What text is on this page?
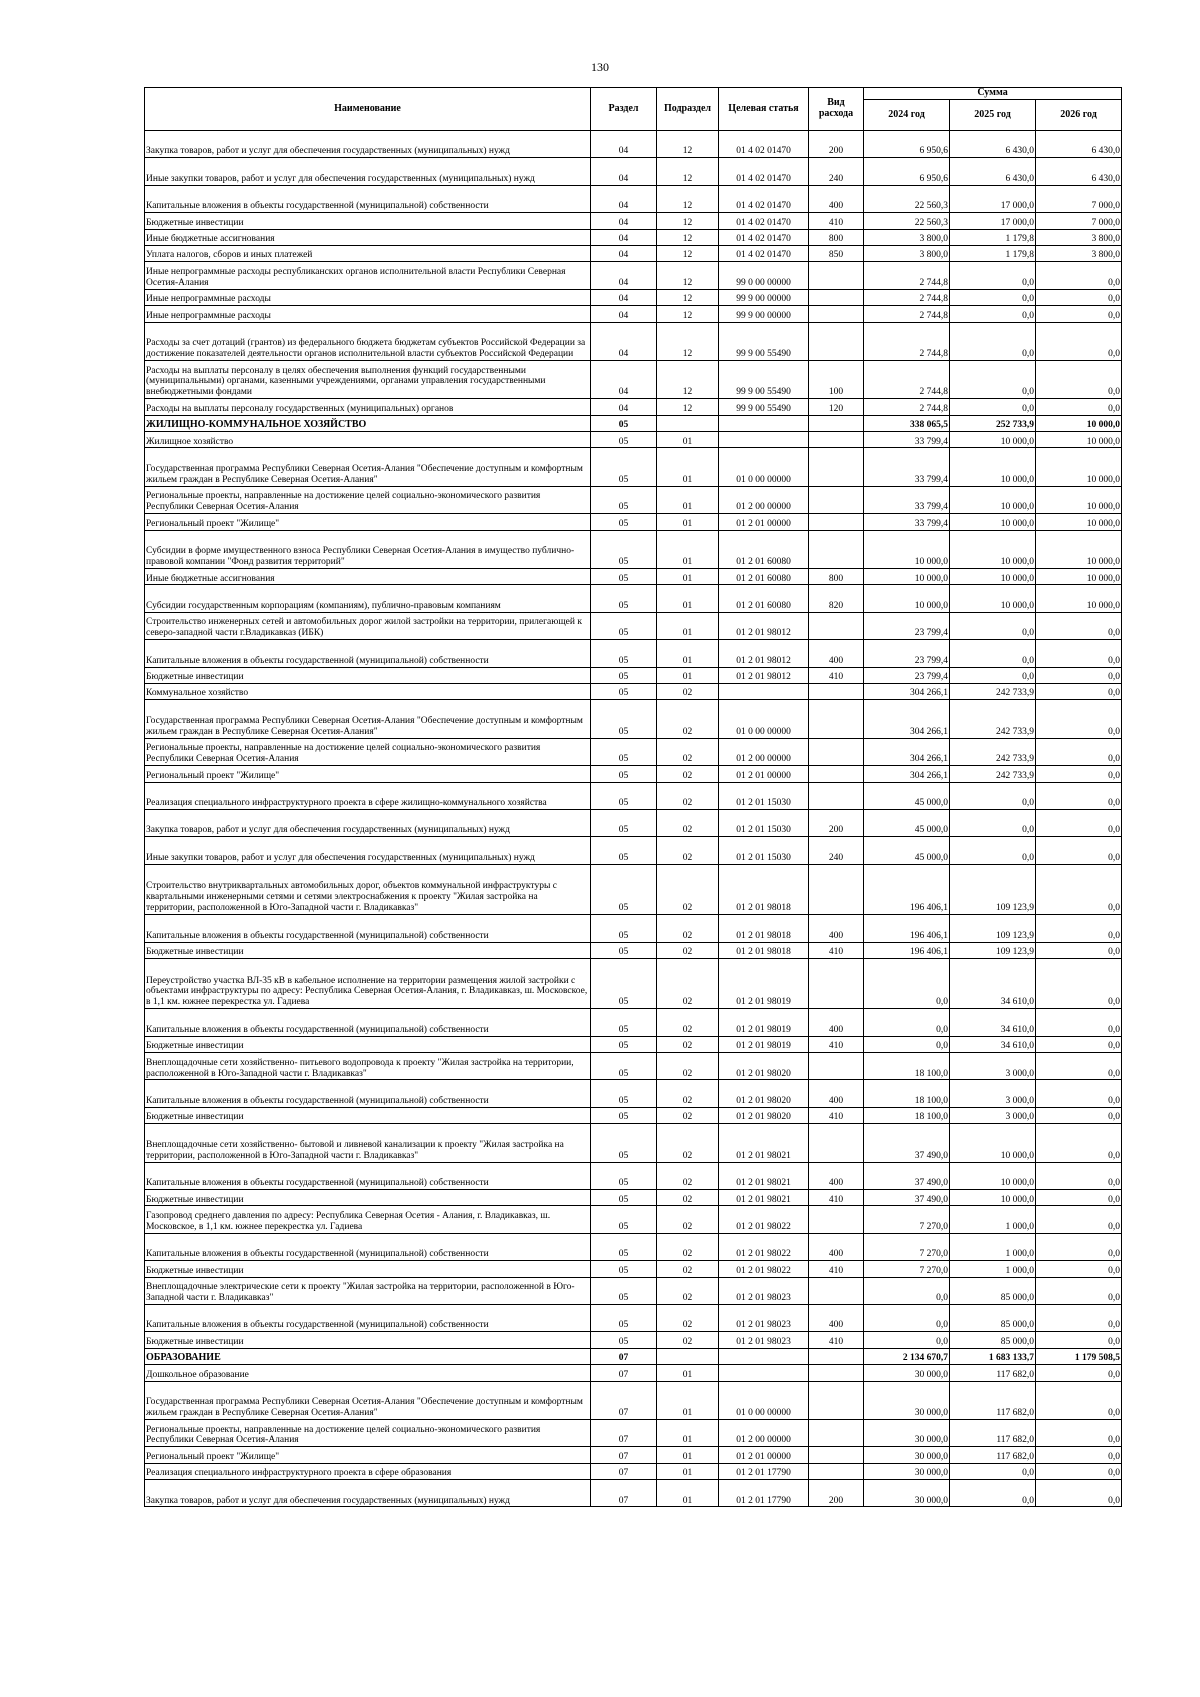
130
Наименование	Раздел	Подраздел	Целевая статья	Вид расхода	Сумма		
					2024 год	2025 год	2026 год
Закупка товаров, работ и услуг для обеспечения государственных (муниципальных) нужд	04	12	01 4 02 01470	200	6 950,6	6 430,0	6 430,0
Иные закупки товаров, работ и услуг для обеспечения государственных (муниципальных) нужд	04	12	01 4 02 01470	240	6 950,6	6 430,0	6 430,0
Капитальные вложения в объекты государственной (муниципальной) собственности	04	12	01 4 02 01470	400	22 560,3	17 000,0	7 000,0
Бюджетные инвестиции	04	12	01 4 02 01470	410	22 560,3	17 000,0	7 000,0
Иные бюджетные ассигнования	04	12	01 4 02 01470	800	3 800,0	1 179,8	3 800,0
Уплата налогов, сборов и иных платежей	04	12	01 4 02 01470	850	3 800,0	1 179,8	3 800,0
Иные непрограммные расходы республиканских органов исполнительной власти Республики Северная Осетия-Алания	04	12	99 0 00 00000		2 744,8	0,0	0,0
Иные непрограммные расходы	04	12	99 9 00 00000		2 744,8	0,0	0,0
Иные непрограммные расходы	04	12	99 9 00 00000		2 744,8	0,0	0,0
Расходы за счет дотаций (грантов) из федерального бюджета бюджетам субъектов Российской Федерации за достижение показателей деятельности органов исполнительной власти субъектов Российской Федерации	04	12	99 9 00 55490		2 744,8	0,0	0,0
Расходы на выплаты персоналу в целях обеспечения выполнения функций государственными (муниципальными) органами, казенными учреждениями, органами управления государственными внебюджетными фондами	04	12	99 9 00 55490	100	2 744,8	0,0	0,0
Расходы на выплаты персоналу государственных (муниципальных) органов	04	12	99 9 00 55490	120	2 744,8	0,0	0,0
ЖИЛИЩНО-КОММУНАЛЬНОЕ ХОЗЯЙСТВО	05				338 065,5	252 733,9	10 000,0
Жилищное хозяйство	05	01			33 799,4	10 000,0	10 000,0
Государственная программа Республики Северная Осетия-Алания "Обеспечение доступным и комфортным жильем граждан в Республике Северная Осетия-Алания"	05	01	01 0 00 00000		33 799,4	10 000,0	10 000,0
Региональные проекты, направленные на достижение целей социально-экономического развития Республики Северная Осетия-Алания	05	01	01 2 00 00000		33 799,4	10 000,0	10 000,0
Региональный проект "Жилище"	05	01	01 2 01 00000		33 799,4	10 000,0	10 000,0
Субсидии в форме имущественного взноса Республики Северная Осетия-Алания в имущество публично-правовой компании "Фонд развития территорий"	05	01	01 2 01 60080		10 000,0	10 000,0	10 000,0
Иные бюджетные ассигнования	05	01	01 2 01 60080	800	10 000,0	10 000,0	10 000,0
Субсидии государственным корпорациям (компаниям), публично-правовым компаниям	05	01	01 2 01 60080	820	10 000,0	10 000,0	10 000,0
Строительство инженерных сетей и автомобильных дорог жилой застройки на территории, прилегающей к северо-западной части г.Владикавказ (ИБК)	05	01	01 2 01 98012		23 799,4	0,0	0,0
Капитальные вложения в объекты государственной (муниципальной) собственности	05	01	01 2 01 98012	400	23 799,4	0,0	0,0
Бюджетные инвестиции	05	01	01 2 01 98012	410	23 799,4	0,0	0,0
Коммунальное хозяйство	05	02			304 266,1	242 733,9	0,0
Государственная программа Республики Северная Осетия-Алания "Обеспечение доступным и комфортным жильем граждан в Республике Северная Осетия-Алания"	05	02	01 0 00 00000		304 266,1	242 733,9	0,0
Региональные проекты, направленные на достижение целей социально-экономического развития Республики Северная Осетия-Алания	05	02	01 2 00 00000		304 266,1	242 733,9	0,0
Региональный проект "Жилище"	05	02	01 2 01 00000		304 266,1	242 733,9	0,0
Реализация специального инфраструктурного проекта в сфере жилищно-коммунального хозяйства	05	02	01 2 01 15030		45 000,0	0,0	0,0
Закупка товаров, работ и услуг для обеспечения государственных (муниципальных) нужд	05	02	01 2 01 15030	200	45 000,0	0,0	0,0
Иные закупки товаров, работ и услуг для обеспечения государственных (муниципальных) нужд	05	02	01 2 01 15030	240	45 000,0	0,0	0,0
Строительство внутриквартальных автомобильных дорог, объектов коммунальной инфраструктуры с квартальными инженерными сетями и сетями электроснабжения к проекту "Жилая застройка на территории, расположенной в Юго-Западной части г. Владикавказ"	05	02	01 2 01 98018		196 406,1	109 123,9	0,0
Капитальные вложения в объекты государственной (муниципальной) собственности	05	02	01 2 01 98018	400	196 406,1	109 123,9	0,0
Бюджетные инвестиции	05	02	01 2 01 98018	410	196 406,1	109 123,9	0,0
Переустройство участка ВЛ-35 кВ в кабельное исполнение на территории размещения жилой застройки с объектами инфраструктуры по адресу: Республика Северная Осетия-Алания, г. Владикавказ, ш. Московское, в 1,1 км. южнее перекрестка ул. Гадиева	05	02	01 2 01 98019		0,0	34 610,0	0,0
Капитальные вложения в объекты государственной (муниципальной) собственности	05	02	01 2 01 98019	400	0,0	34 610,0	0,0
Бюджетные инвестиции	05	02	01 2 01 98019	410	0,0	34 610,0	0,0
Внеплощадочные сети хозяйственно- питьевого водопровода к проекту "Жилая застройка на территории, расположенной в Юго-Западной части г. Владикавказ"	05	02	01 2 01 98020		18 100,0	3 000,0	0,0
Капитальные вложения в объекты государственной (муниципальной) собственности	05	02	01 2 01 98020	400	18 100,0	3 000,0	0,0
Бюджетные инвестиции	05	02	01 2 01 98020	410	18 100,0	3 000,0	0,0
Внеплощадочные сети хозяйственно- бытовой и ливневой канализации к проекту "Жилая застройка на территории, расположенной в Юго-Западной части г. Владикавказ"	05	02	01 2 01 98021		37 490,0	10 000,0	0,0
Капитальные вложения в объекты государственной (муниципальной) собственности	05	02	01 2 01 98021	400	37 490,0	10 000,0	0,0
Бюджетные инвестиции	05	02	01 2 01 98021	410	37 490,0	10 000,0	0,0
Газопровод среднего давления по адресу: Республика Северная Осетия - Алания, г. Владикавказ, ш. Московское, в 1,1 км. южнее перекрестка ул. Гадиева	05	02	01 2 01 98022		7 270,0	1 000,0	0,0
Капитальные вложения в объекты государственной (муниципальной) собственности	05	02	01 2 01 98022	400	7 270,0	1 000,0	0,0
Бюджетные инвестиции	05	02	01 2 01 98022	410	7 270,0	1 000,0	0,0
Внеплощадочные электрические сети к проекту "Жилая застройка на территории, расположенной в Юго-Западной части г. Владикавказ"	05	02	01 2 01 98023		0,0	85 000,0	0,0
Капитальные вложения в объекты государственной (муниципальной) собственности	05	02	01 2 01 98023	400	0,0	85 000,0	0,0
Бюджетные инвестиции	05	02	01 2 01 98023	410	0,0	85 000,0	0,0
ОБРАЗОВАНИЕ	07				2 134 670,7	1 683 133,7	1 179 508,5
Дошкольное образование	07	01			30 000,0	117 682,0	0,0
Государственная программа Республики Северная Осетия-Алания "Обеспечение доступным и комфортным жильем граждан в Республике Северная Осетия-Алания"	07	01	01 0 00 00000		30 000,0	117 682,0	0,0
Региональные проекты, направленные на достижение целей социально-экономического развития Республики Северная Осетия-Алания	07	01	01 2 00 00000		30 000,0	117 682,0	0,0
Региональный проект "Жилище"	07	01	01 2 01 00000		30 000,0	117 682,0	0,0
Реализация специального инфраструктурного проекта в сфере образования	07	01	01 2 01 17790		30 000,0	0,0	0,0
Закупка товаров, работ и услуг для обеспечения государственных (муниципальных) нужд	07	01	01 2 01 17790	200	30 000,0	0,0	0,0
